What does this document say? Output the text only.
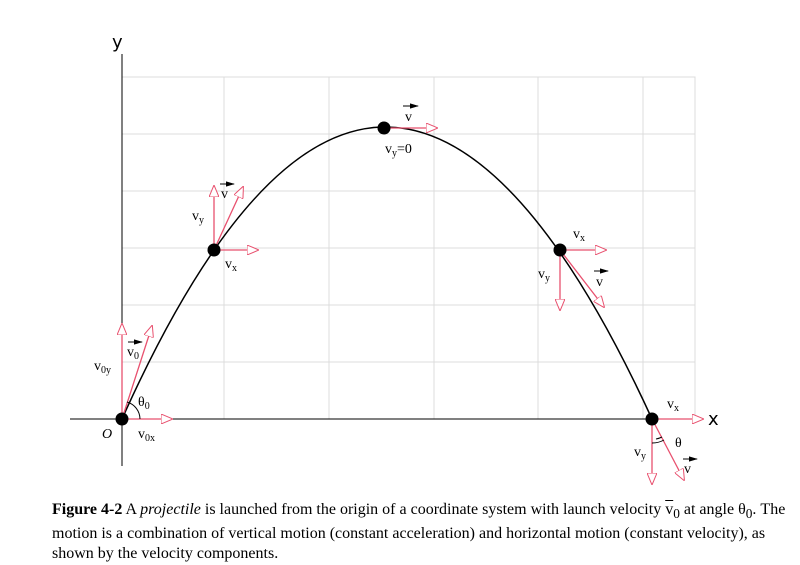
y
x
O
v
$v_y=0$
v
$v_y$
$v_x$
$v_x$
$v_y$	v
$v_0$
$v_{0y}$
$\theta_0$
$v_{0x}$
$v_x$
θ
$v_y$
v
Figure 4-2 A projectile is launched from the origin of a coordinate system with launch velocity $\overline{v}_0$ at angle $\theta_0$. The motion is a combination of vertical motion (constant acceleration) and horizontal motion (constant velocity), as shown by the velocity components.
